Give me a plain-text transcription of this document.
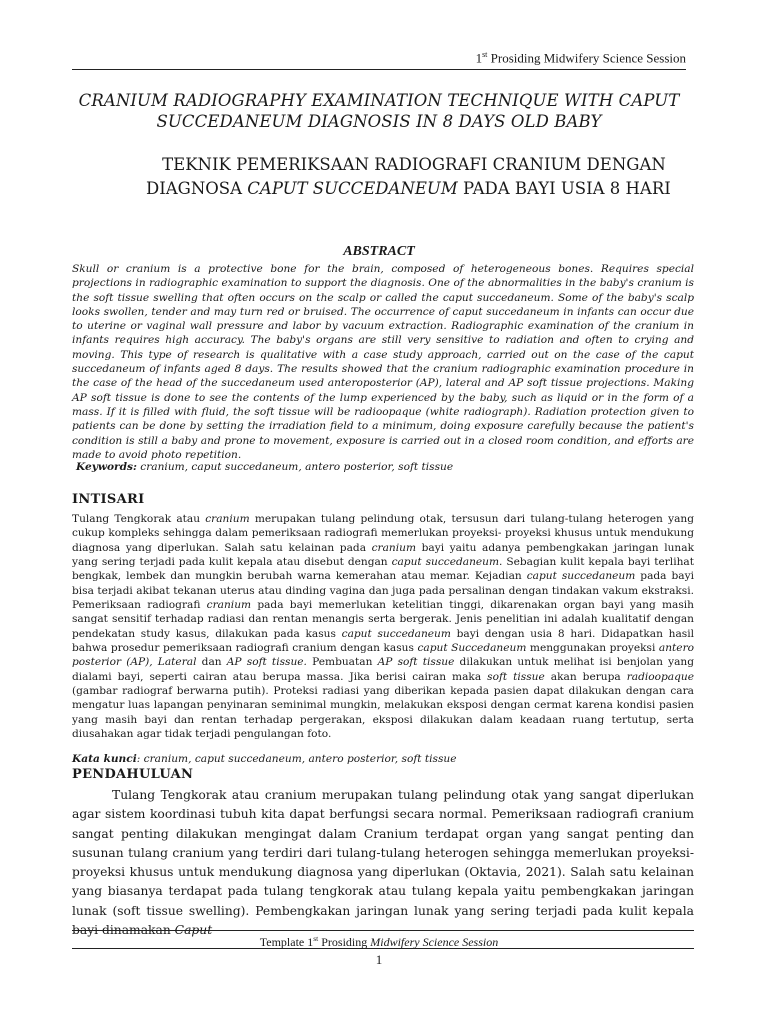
1st Prosiding Midwifery Science Session
CRANIUM RADIOGRAPHY EXAMINATION TECHNIQUE WITH CAPUT SUCCEDANEUM DIAGNOSIS IN 8 DAYS OLD BABY
TEKNIK PEMERIKSAAN RADIOGRAFI CRANIUM DENGAN
DIAGNOSA CAPUT SUCCEDANEUM PADA BAYI USIA 8 HARI
ABSTRACT

Skull or cranium is a protective bone for the brain, composed of heterogeneous bones. Requires special projections in radiographic examination to support the diagnosis. One of the abnormalities in the baby's cranium is the soft tissue swelling that often occurs on the scalp or called the caput succedaneum. Some of the baby's scalp looks swollen, tender and may turn red or bruised. The occurrence of caput succedaneum in infants can occur due to uterine or vaginal wall pressure and labor by vacuum extraction. Radiographic examination of the cranium in infants requires high accuracy. The baby's organs are still very sensitive to radiation and often to crying and moving. This type of research is qualitative with a case study approach, carried out on the case of the caput succedaneum of infants aged 8 days. The results showed that the cranium radiographic examination procedure in the case of the head of the succedaneum used anteroposterior (AP), lateral and AP soft tissue projections. Making AP soft tissue is done to see the contents of the lump experienced by the baby, such as liquid or in the form of a mass. If it is filled with fluid, the soft tissue will be radioopaque (white radiograph). Radiation protection given to patients can be done by setting the irradiation field to a minimum, doing exposure carefully because the patient's condition is still a baby and prone to movement, exposure is carried out in a closed room condition, and efforts are made to avoid photo repetition.

Keywords: cranium, caput succedaneum, antero posterior, soft tissue

INTISARI

Tulang Tengkorak atau cranium merupakan tulang pelindung otak, tersusun dari tulang-tulang heterogen yang cukup kompleks sehingga dalam pemeriksaan radiografi memerlukan proyeksi- proyeksi khusus untuk mendukung diagnosa yang diperlukan. Salah satu kelainan pada cranium bayi yaitu adanya pembengkakan jaringan lunak yang sering terjadi pada kulit kepala atau disebut dengan caput succedaneum. Sebagian kulit kepala bayi terlihat bengkak, lembek dan mungkin berubah warna kemerahan atau memar. Kejadian caput succedaneum pada bayi bisa terjadi akibat tekanan uterus atau dinding vagina dan juga pada persalinan dengan tindakan vakum ekstraksi. Pemeriksaan radiografi cranium pada bayi memerlukan ketelitian tinggi, dikarenakan organ bayi yang masih sangat sensitif terhadap radiasi dan rentan menangis serta bergerak. Jenis penelitian ini adalah kualitatif dengan pendekatan study kasus, dilakukan pada kasus caput succedaneum bayi dengan usia 8 hari. Didapatkan hasil bahwa prosedur pemeriksaan radiografi cranium dengan kasus caput Succedaneum menggunakan proyeksi antero posterior (AP), Lateral dan AP soft tissue. Pembuatan AP soft tissue dilakukan untuk melihat isi benjolan yang dialami bayi, seperti cairan atau berupa massa. Jika berisi cairan maka soft tissue akan berupa radioopaque (gambar radiograf berwarna putih). Proteksi radiasi yang diberikan kepada pasien dapat dilakukan dengan cara mengatur luas lapangan penyinaran seminimal mungkin, melakukan eksposi dengan cermat karena kondisi pasien yang masih bayi dan rentan terhadap pergerakan, eksposi dilakukan dalam keadaan ruang tertutup, serta diusahakan agar tidak terjadi pengulangan foto.

Kata kunci: cranium, caput succedaneum, antero posterior, soft tissue

PENDAHULUAN

Tulang Tengkorak atau cranium merupakan tulang pelindung otak yang sangat diperlukan agar sistem koordinasi tubuh kita dapat berfungsi secara normal. Pemeriksaan radiografi cranium sangat penting dilakukan mengingat dalam Cranium terdapat organ yang sangat penting dan susunan tulang cranium yang terdiri dari tulang-tulang heterogen sehingga memerlukan proyeksi- proyeksi khusus untuk mendukung diagnosa yang diperlukan (Oktavia, 2021). Salah satu kelainan yang biasanya terdapat pada tulang tengkorak atau tulang kepala yaitu pembengkakan jaringan lunak (soft tissue swelling). Pembengkakan jaringan lunak yang sering terjadi pada kulit kepala bayi dinamakan Caput

Template 1st Prosiding Midwifery Science Session
1
